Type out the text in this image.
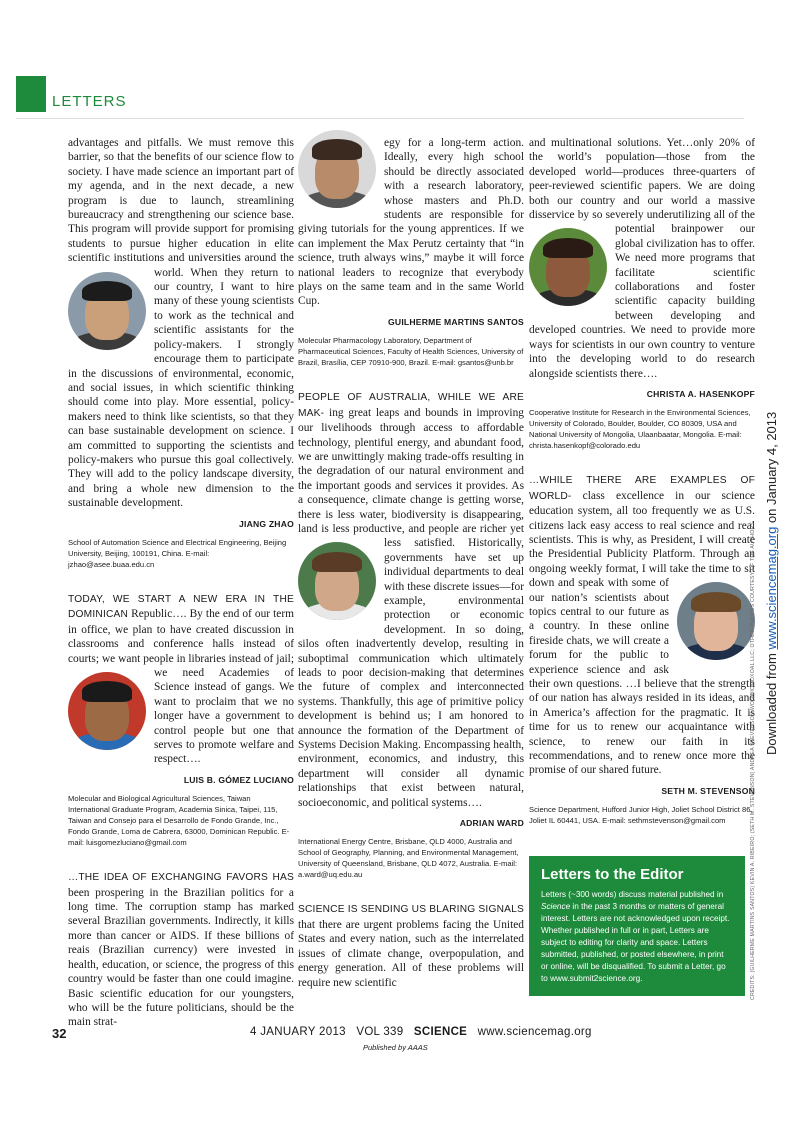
LETTERS

advantages and pitfalls. We must remove this barrier, so that the benefits of our science flow to society. I have made science an important part of my agenda, and in the next decade, a new program is due to launch, streamlining bureaucracy and strengthening our science base. This program will provide support for promising students to pursue higher education in elite scientific institutions and universities around the world. When they return to our country, I want to hire many of these young scientists to work as the technical and scientific assistants for the policy-makers. I strongly encourage them to participate in the discussions of environmental, economic, and social issues, in which scientific thinking should come into play. More essential, policy-makers need to think like scientists, so that they can base sustainable development on science. I am committed to supporting the scientists and policy-makers who pursue this goal collectively. They will add to the policy landscape diversity, and bring a whole new dimension to the sustainable development.

JIANG ZHAO
School of Automation Science and Electrical Engineering, Beijing University, Beijing, 100191, China. E-mail: jzhao@asee.buaa.edu.cn

TODAY, WE START A NEW ERA IN THE DOMINICAN Republic…. By the end of our term in office, we plan to have created discussion in classrooms and conference halls instead of courts; we want people in libraries instead of jail; we need Academies of Science instead of gangs. We want to proclaim that we no longer have a government to control people but one that serves to promote welfare and respect….

LUIS B. GÓMEZ LUCIANO
Molecular and Biological Agricultural Sciences, Taiwan International Graduate Program, Academia Sinica, Taipei, 115, Taiwan and Consejo para el Desarrollo de Fondo Grande, Inc., Fondo Grande, Loma de Cabrera, 63000, Dominican Republic. E-mail: luisgomezluciano@gmail.com

…THE IDEA OF EXCHANGING FAVORS HAS been prospering in the Brazilian politics for a long time. The corruption stamp has marked several Brazilian governments. Indirectly, it kills more than cancer or AIDS. If these billions of reais (Brazilian currency) were invested in health, education, or science, the progress of this country would be faster than one could imagine. Basic scientific education for our youngsters, who will be the future politicians, should be the main strat-

egy for a long-term action. Ideally, every high school should be directly associated with a research laboratory, whose masters and Ph.D. students are responsible for giving tutorials for the young apprentices. If we can implement the Max Perutz certainty that “in science, truth always wins,” maybe it will force national leaders to recognize that everybody plays on the same team and in the same World Cup.

GUILHERME MARTINS SANTOS
Molecular Pharmacology Laboratory, Department of Pharmaceutical Sciences, Faculty of Health Sciences, University of Brazil, Brasília, CEP 70910-900, Brazil. E-mail: gsantos@unb.br

PEOPLE OF AUSTRALIA, WHILE WE ARE MAK- ing great leaps and bounds in improving our livelihoods through access to affordable technology, plentiful energy, and abundant food, we are unwittingly making trade-offs resulting in the degradation of our natural environment and the important goods and services it provides. As a consequence, climate change is getting worse, there is less water, biodiversity is disappearing, land is less productive, and people are richer yet
less satisfied. Historically, governments have set up individual departments to deal with these discrete issues—for example, environmental protection or economic development. In so doing, silos often inadvertently develop, resulting in suboptimal communication which ultimately leads to poor decision-making that determines the future of complex and interconnected systems. Thankfully, this age of primitive policy development is behind us; I am honored to announce the formation of the Department of Systems Decision Making. Encompassing health, environment, economics, and industry, this department will consider all dynamic relationships that exist between natural, socioeconomic, and political systems….

ADRIAN WARD
International Energy Centre, Brisbane, QLD 4000, Australia and School of Geography, Planning, and Environmental Management, University of Queensland, Brisbane, QLD 4072, Australia. E-mail: a.ward@uq.edu.au

SCIENCE IS SENDING US BLARING SIGNALS that there are urgent problems facing the United States and every nation, such as the interrelated issues of climate change, overpopulation, and energy generation. All of these problems will require new scientific

and multinational solutions. Yet…only 20% of the world’s population—those from the developed world—produces three-quarters of peer-reviewed scientific papers. We are doing both our country and our world a massive disservice by so severely underutilizing all of the potential brainpower our global civilization has to offer. We need more programs that facilitate scientific collaborations and foster scientific capacity building between developing and developed countries. We need to provide more ways for scientists in our own country to venture into the developing world to do research alongside scientists there….

CHRISTA A. HASENKOPF
Cooperative Institute for Research in the Environmental Sciences, University of Colorado, Boulder, Boulder, CO 80309, USA and National University of Mongolia, Ulaanbaatar, Mongolia. E-mail: christa.hasenkopf@colorado.edu

…WHILE THERE ARE EXAMPLES OF WORLD- class excellence in our science education system, all too frequently we as U.S. citizens lack easy access to real science and real scientists. This is why, as President, I will create the Presidential Publicity Platform. Through an ongoing weekly format, I will take the time to sit down and speak with some of our nation’s scientists about topics central to our future as a country. In these online fireside chats, we will create a forum for the public to experience science and ask their own questions. …I believe that the strength of our nation has always resided in its ideas, and in America’s affection for the pragmatic. It is time for us to renew our acquaintance with science, to renew our faith in its recommendations, and to renew once more the promise of our shared future.

SETH M. STEVENSON
Science Department, Hufford Junior High, Joliet School District 86, Joliet IL 60441, USA. E-mail: sethmstevenson@gmail.com
Letters to the Editor

Letters (~300 words) discuss material published in Science in the past 3 months or matters of general interest. Letters are not acknowledged upon receipt. Whether published in full or in part, Letters are subject to editing for clarity and space. Letters submitted, published, or posted elsewhere, in print or online, will be disqualified. To submit a Letter, go to www.submit2science.org.

Downloaded from www.sciencemag.org on January 4, 2013
CREDITS: (GUILHERME MARTINS SANTOS) KEVIN A. RIBEIRO; (SETH M. STEVENSON) ANDREA STEVENSON-WON/BIOMOXOAL LLC; OTHER PHOTOS COURTESY OF THE AUTHORS
32	4 JANUARY 2013 VOL 339 SCIENCE www.sciencemag.org
Published by AAAS
